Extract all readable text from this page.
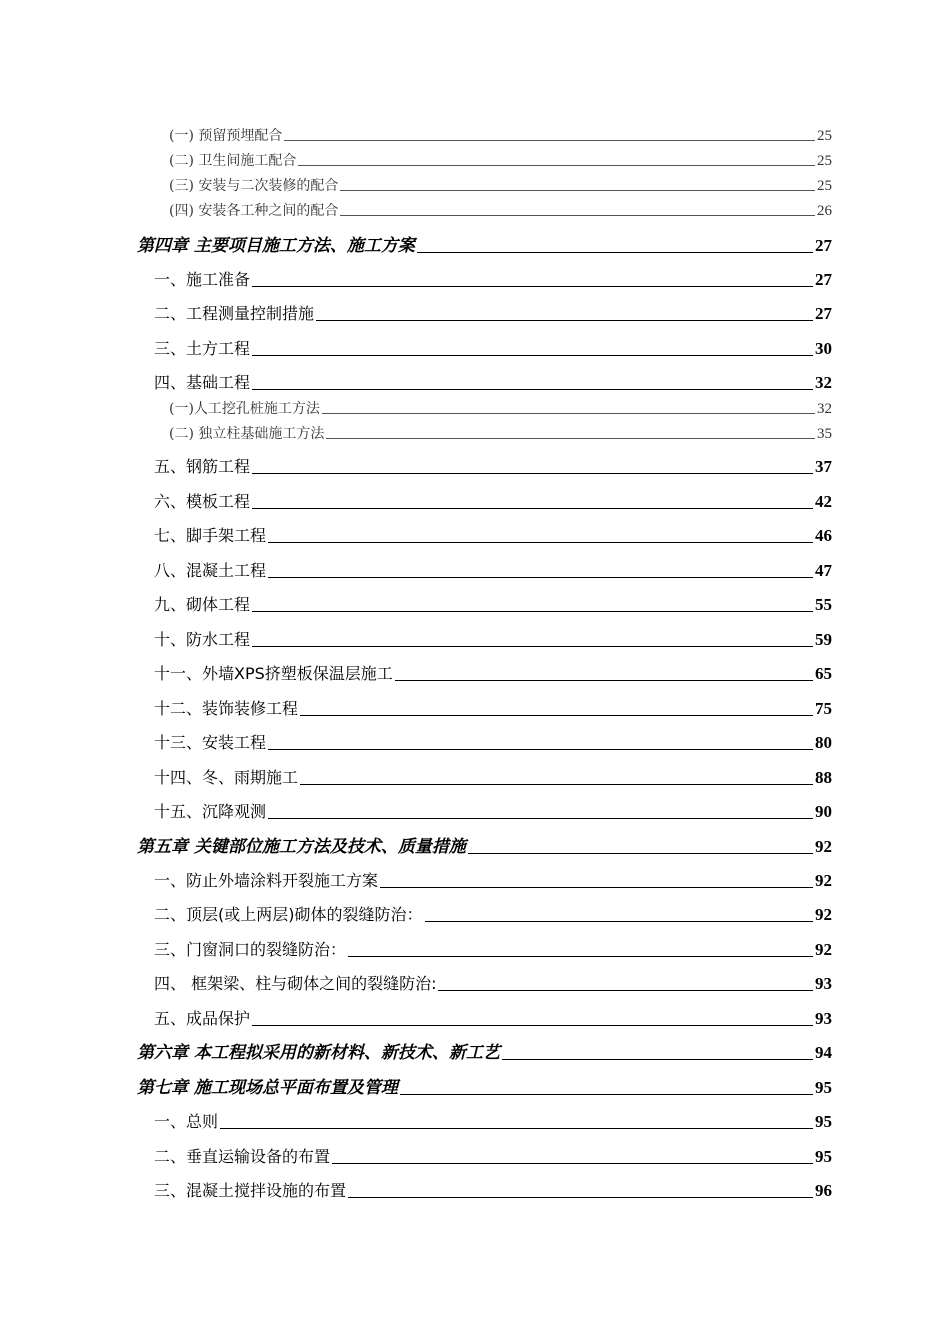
(一) 预留预埋配合	25
(二) 卫生间施工配合	25
(三) 安装与二次装修的配合	25
(四) 安装各工种之间的配合	26
第四章 主要项目施工方法、施工方案	27
一、施工准备	27
二、工程测量控制措施	27
三、土方工程	30
四、基础工程	32
(一)人工挖孔桩施工方法	32
(二) 独立柱基础施工方法	35
五、钢筋工程	37
六、模板工程	42
七、脚手架工程	46
八、混凝土工程	47
九、砌体工程	55
十、防水工程	59
十一、外墙XPS挤塑板保温层施工	65
十二、装饰装修工程	75
十三、安装工程	80
十四、冬、雨期施工	88
十五、沉降观测	90
第五章 关键部位施工方法及技术、质量措施	92
一、防止外墙涂料开裂施工方案	92
二、顶层(或上两层)砌体的裂缝防治：	92
三、门窗洞口的裂缝防治：	92
四、 框架梁、柱与砌体之间的裂缝防治:	93
五、成品保护	93
第六章 本工程拟采用的新材料、新技术、新工艺	94
第七章 施工现场总平面布置及管理	95
一、总则	95
二、垂直运输设备的布置	95
三、混凝土搅拌设施的布置	96
